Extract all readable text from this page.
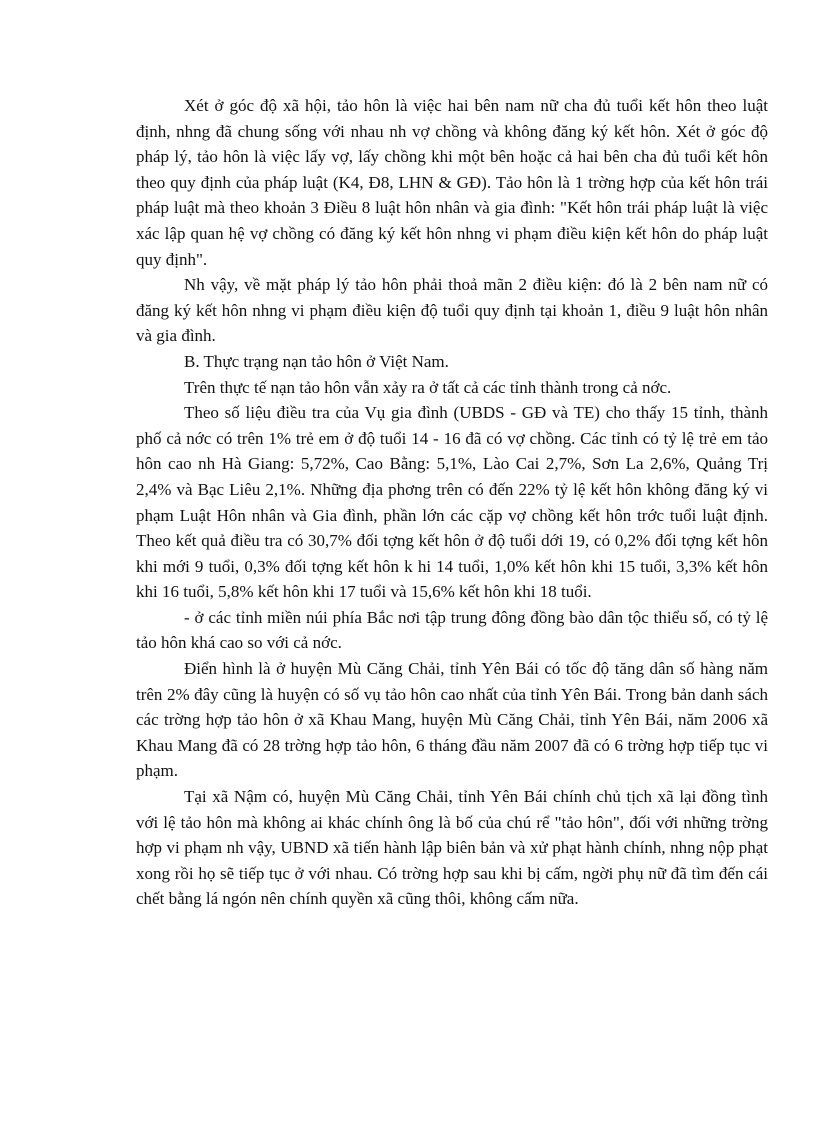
Xét ở góc độ xã hội, tảo hôn là việc hai bên nam nữ cha đủ tuổi kết hôn theo luật định, nhng đã chung sống với nhau nh vợ chồng và không đăng ký kết hôn. Xét ở góc độ pháp lý, tảo hôn là việc lấy vợ, lấy chồng khi một bên hoặc cả hai bên cha đủ tuổi kết hôn theo quy định của pháp luật (K4, Đ8, LHN & GĐ). Tảo hôn là 1 trờng hợp của kết hôn trái pháp luật mà theo khoản 3 Điều 8 luật hôn nhân và gia đình: "Kết hôn trái pháp luật là việc xác lập quan hệ vợ chồng có đăng ký kết hôn nhng vi phạm điều kiện kết hôn do pháp luật quy định".

Nh vậy, về mặt pháp lý tảo hôn phải thoả mãn 2 điều kiện: đó là 2 bên nam nữ có đăng ký kết hôn nhng vi phạm điều kiện độ tuổi quy định tại khoản 1, điều 9 luật hôn nhân và gia đình.

B. Thực trạng nạn tảo hôn ở Việt Nam.

Trên thực tế nạn tảo hôn vẫn xảy ra ở tất cả các tỉnh thành trong cả nớc.

Theo số liệu điều tra của Vụ gia đình (UBDS - GĐ và TE) cho thấy 15 tỉnh, thành phố cả nớc có trên 1% trẻ em ở độ tuổi 14 - 16 đã có vợ chồng. Các tỉnh có tỷ lệ trẻ em tảo hôn cao nh Hà Giang: 5,72%, Cao Bằng: 5,1%, Lào Cai 2,7%, Sơn La 2,6%, Quảng Trị 2,4% và Bạc Liêu 2,1%. Những địa phơng trên có đến 22% tỷ lệ kết hôn không đăng ký vi phạm Luật Hôn nhân và Gia đình, phần lớn các cặp vợ chồng kết hôn trớc tuổi luật định. Theo kết quả điều tra có 30,7% đối tợng kết hôn ở độ tuổi dới 19, có 0,2% đối tợng kết hôn khi mới 9 tuổi, 0,3% đối tợng kết hôn k hi 14 tuổi, 1,0% kết hôn khi 15 tuổi, 3,3% kết hôn khi 16 tuổi, 5,8% kết hôn khi 17 tuổi và 15,6% kết hôn khi 18 tuổi.

- ở các tỉnh miền núi phía Bắc nơi tập trung đông đồng bào dân tộc thiểu số, có tỷ lệ tảo hôn khá cao so với cả nớc.

Điển hình là ở huyện Mù Căng Chải, tỉnh Yên Bái có tốc độ tăng dân số hàng năm trên 2% đây cũng là huyện có số vụ tảo hôn cao nhất của tỉnh Yên Bái. Trong bản danh sách các trờng hợp tảo hôn ở xã Khau Mang, huyện Mù Căng Chải, tỉnh Yên Bái, năm 2006 xã Khau Mang đã có 28 trờng hợp tảo hôn, 6 tháng đầu năm 2007 đã có 6 trờng hợp tiếp tục vi phạm.

Tại xã Nậm có, huyện Mù Căng Chải, tỉnh Yên Bái chính chủ tịch xã lại đồng tình với lệ tảo hôn mà không ai khác chính ông là bố của chú rể "tảo hôn", đối với những trờng hợp vi phạm nh vậy, UBND xã tiến hành lập biên bản và xử phạt hành chính, nhng nộp phạt xong rồi họ sẽ tiếp tục ở với nhau. Có trờng hợp sau khi bị cấm, ngời phụ nữ đã tìm đến cái chết bằng lá ngón nên chính quyền xã cũng thôi, không cấm nữa.
